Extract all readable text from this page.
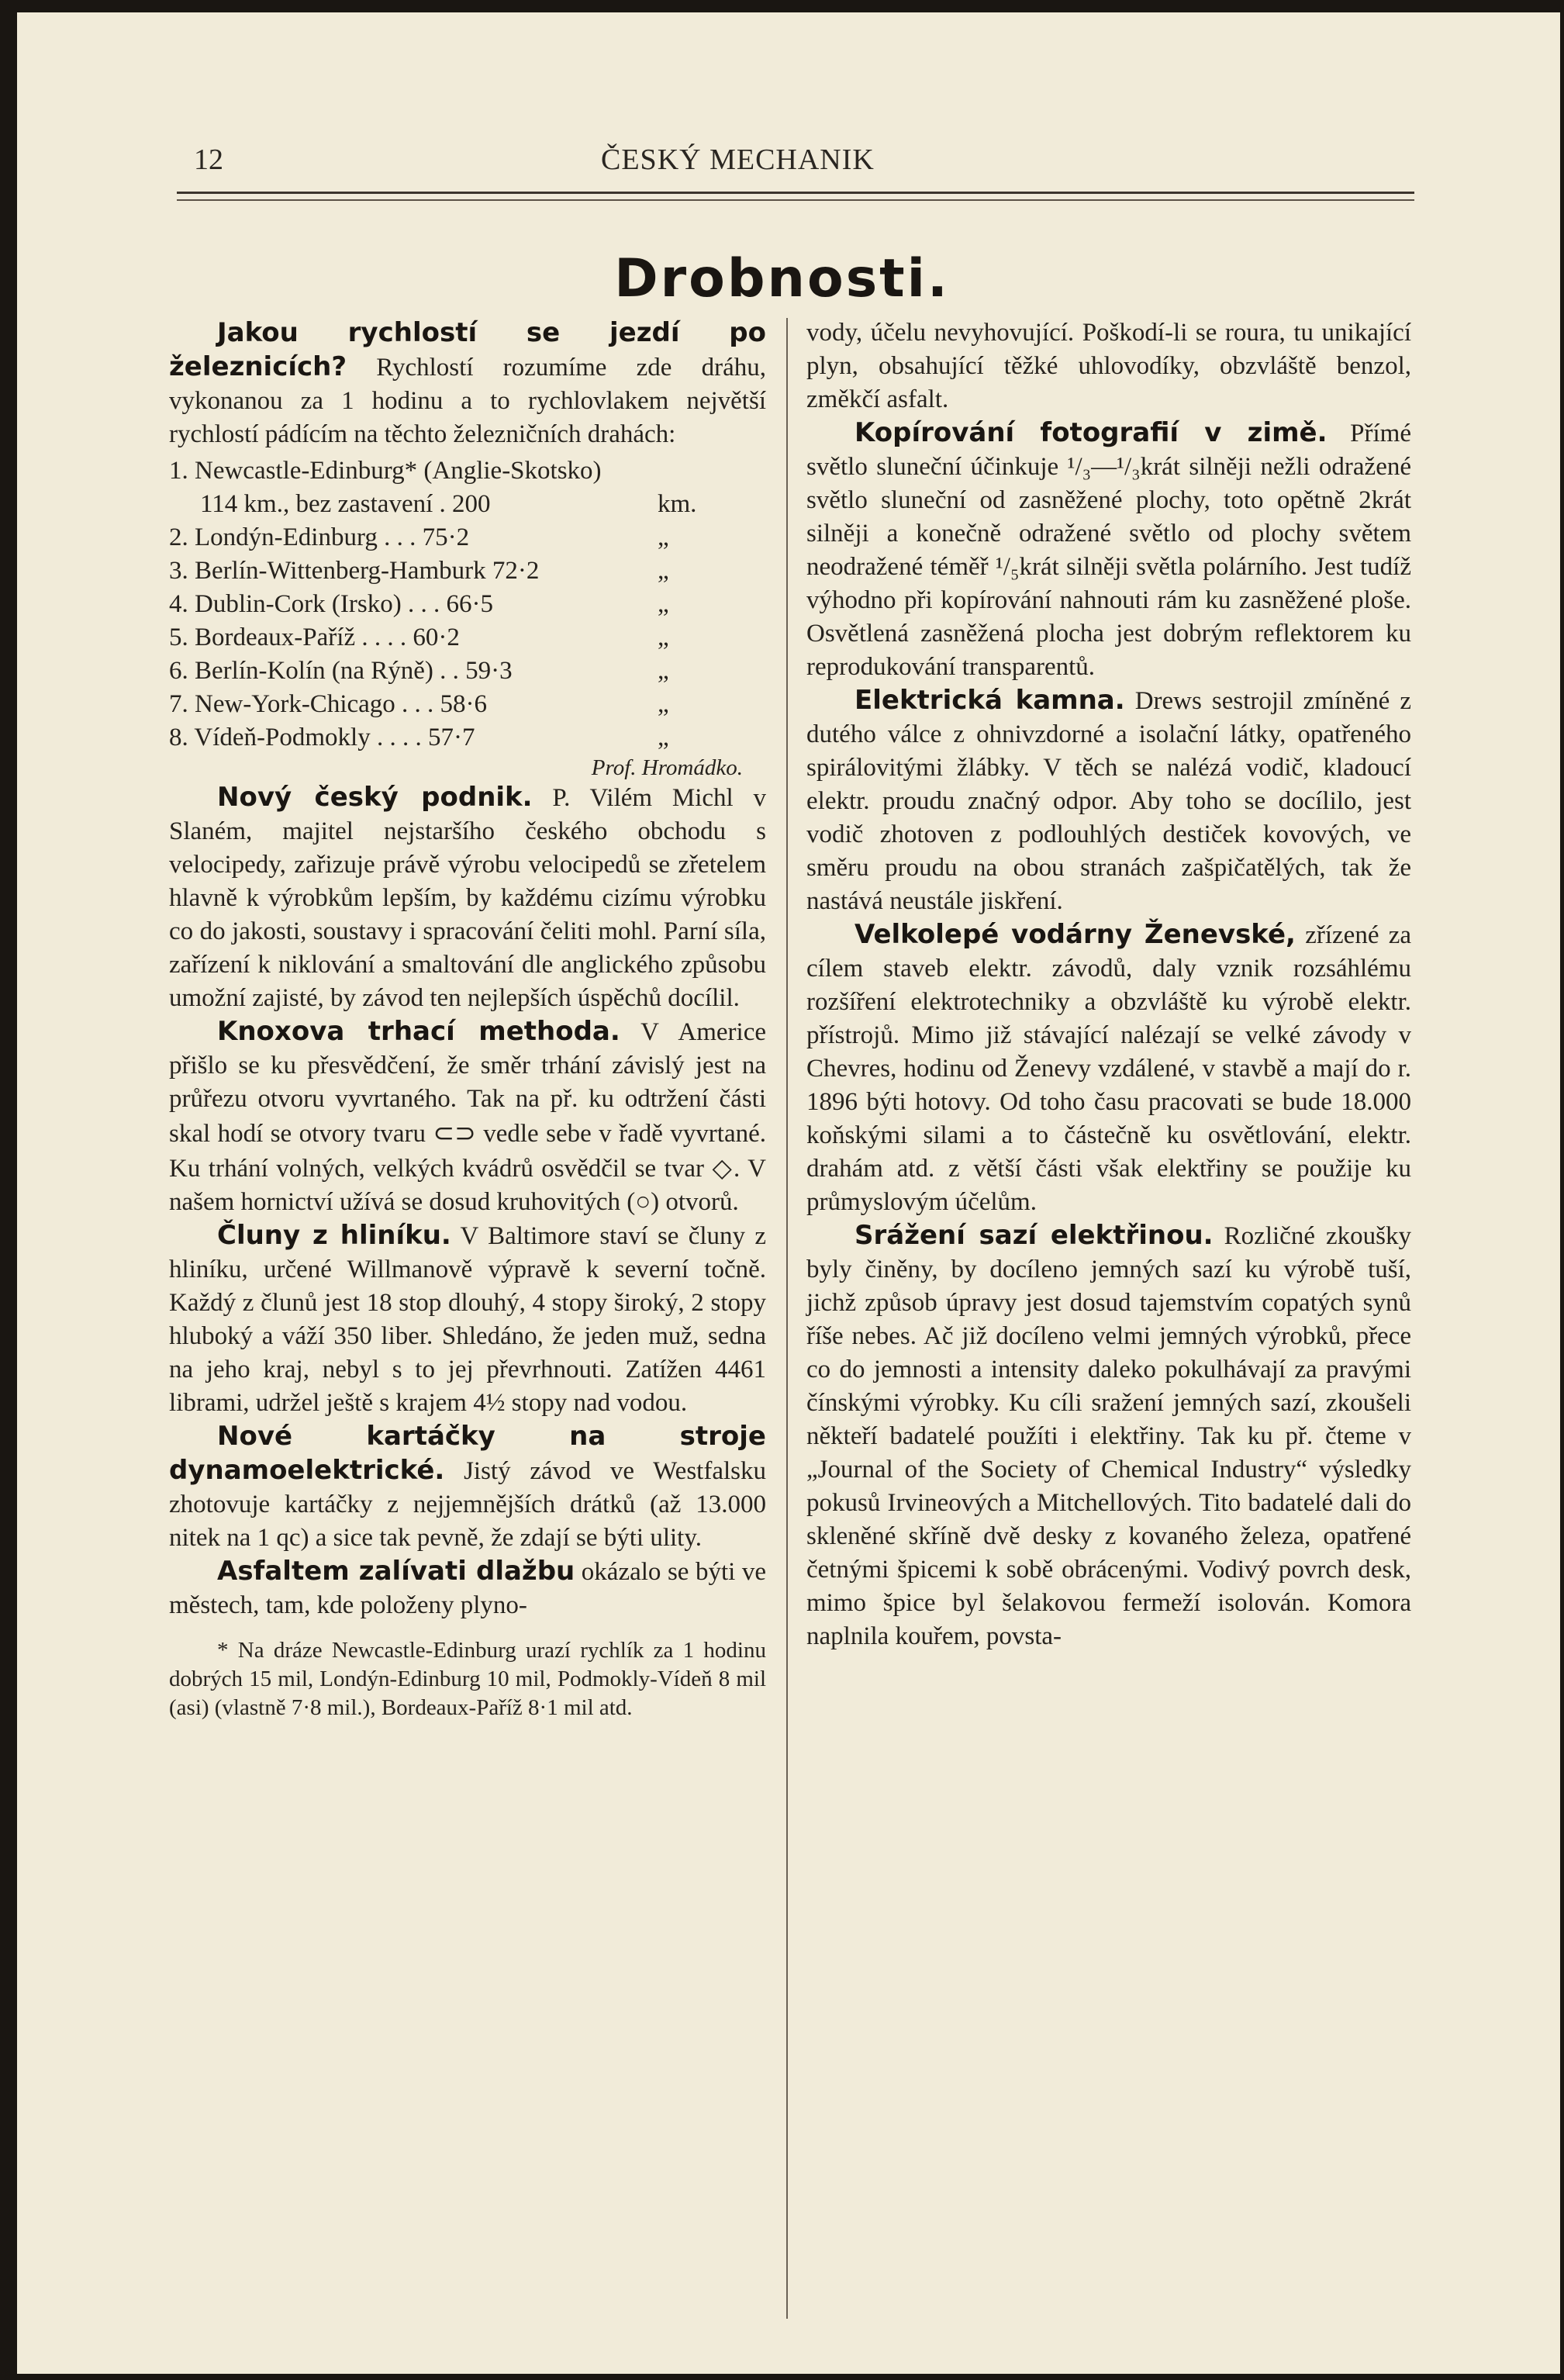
12	ČESKÝ MECHANIK
Drobnosti.

Jakou rychlostí se jezdí po železnicích? Rychlostí rozumíme zde dráhu, vykonanou za 1 hodinu a to rychlovlakem největší rychlostí pádícím na těchto železničních drahách:

1. Newcastle-Edinburg* (Anglie-Skotsko)
114 km., bez zastavení . 200	km.
2. Londýn-Edinburg . . . 75·2	„
3. Berlín-Wittenberg-Hamburk 72·2	„
4. Dublin-Cork (Irsko) . . . 66·5	„
5. Bordeaux-Paříž . . . . 60·2	„
6. Berlín-Kolín (na Rýně) . . 59·3	„
7. New-York-Chicago . . . 58·6	„
8. Vídeň-Podmokly . . . . 57·7	„

Prof. Hromádko.

Nový český podnik. P. Vilém Michl v Slaném, majitel nejstaršího českého obchodu s velocipedy, zařizuje právě výrobu velocipedů se zřetelem hlavně k výrobkům lepším, by každému cizímu výrobku co do jakosti, soustavy i spracování čeliti mohl. Parní síla, zařízení k niklování a smaltování dle anglického způsobu umožní zajisté, by závod ten nejlepších úspěchů docílil.

Knoxova trhací methoda. V Americe přišlo se ku přesvědčení, že směr trhání závislý jest na průřezu otvoru vyvrtaného. Tak na př. ku odtržení části skal hodí se otvory tvaru ⊂⊃ vedle sebe v řadě vyvrtané. Ku trhání volných, velkých kvádrů osvědčil se tvar ◇. V našem hornictví užívá se dosud kruhovitých (○) otvorů.

Čluny z hliníku. V Baltimore staví se čluny z hliníku, určené Willmanově výpravě k severní točně. Každý z člunů jest 18 stop dlouhý, 4 stopy široký, 2 stopy hluboký a váží 350 liber. Shledáno, že jeden muž, sedna na jeho kraj, nebyl s to jej převrhnouti. Zatížen 4461 librami, udržel ještě s krajem 4½ stopy nad vodou.

Nové kartáčky na stroje dynamoelektrické. Jistý závod ve Westfalsku zhotovuje kartáčky z nejjemnějších drátků (až 13.000 nitek na 1 qc) a sice tak pevně, že zdají se býti ulity.

Asfaltem zalívati dlažbu okázalo se býti ve městech, tam, kde položeny plyno-

* Na dráze Newcastle-Edinburg urazí rychlík za 1 hodinu dobrých 15 mil, Londýn-Edinburg 10 mil, Podmokly-Vídeň 8 mil (asi) (vlastně 7·8 mil.), Bordeaux-Paříž 8·1 mil atd.

vody, účelu nevyhovující. Poškodí-li se roura, tu unikající plyn, obsahující těžké uhlovodíky, obzvláště benzol, změkčí asfalt.

Kopírování fotografií v zimě. Přímé světlo sluneční účinkuje ¹/₃—¹/₃krát silněji nežli odražené světlo sluneční od zasněžené plochy, toto opětně 2krát silněji a konečně odražené světlo od plochy světem neodražené téměř ¹/₅krát silněji světla polárního. Jest tudíž výhodno při kopírování nahnouti rám ku zasněžené ploše. Osvětlená zasněžená plocha jest dobrým reflektorem ku reprodukování transparentů.

Elektrická kamna. Drews sestrojil zmíněné z dutého válce z ohnivzdorné a isolační látky, opatřeného spirálovitými žlábky. V těch se nalézá vodič, kladoucí elektr. proudu značný odpor. Aby toho se docílilo, jest vodič zhotoven z podlouhlých destiček kovových, ve směru proudu na obou stranách zašpičatělých, tak že nastává neustále jiskření.

Velkolepé vodárny Ženevské, zřízené za cílem staveb elektr. závodů, daly vznik rozsáhlému rozšíření elektrotechniky a obzvláště ku výrobě elektr. přístrojů. Mimo již stávající nalézají se velké závody v Chevres, hodinu od Ženevy vzdálené, v stavbě a mají do r. 1896 býti hotovy. Od toho času pracovati se bude 18.000 koňskými silami a to částečně ku osvětlování, elektr. drahám atd. z větší části však elektřiny se použije ku průmyslovým účelům.

Srážení sazí elektřinou. Rozličné zkoušky byly činěny, by docíleno jemných sazí ku výrobě tuší, jichž způsob úpravy jest dosud tajemstvím copatých synů říše nebes. Ač již docíleno velmi jemných výrobků, přece co do jemnosti a intensity daleko pokulhávají za pravými čínskými výrobky. Ku cíli sražení jemných sazí, zkoušeli někteří badatelé použíti i elektřiny. Tak ku př. čteme v „Journal of the Society of Chemical Industry“ výsledky pokusů Irvineových a Mitchellových. Tito badatelé dali do skleněné skříně dvě desky z kovaného železa, opatřené četnými špicemi k sobě obrácenými. Vodivý povrch desk, mimo špice byl šelakovou fermeží isolován. Komora naplnila kouřem, povsta-
